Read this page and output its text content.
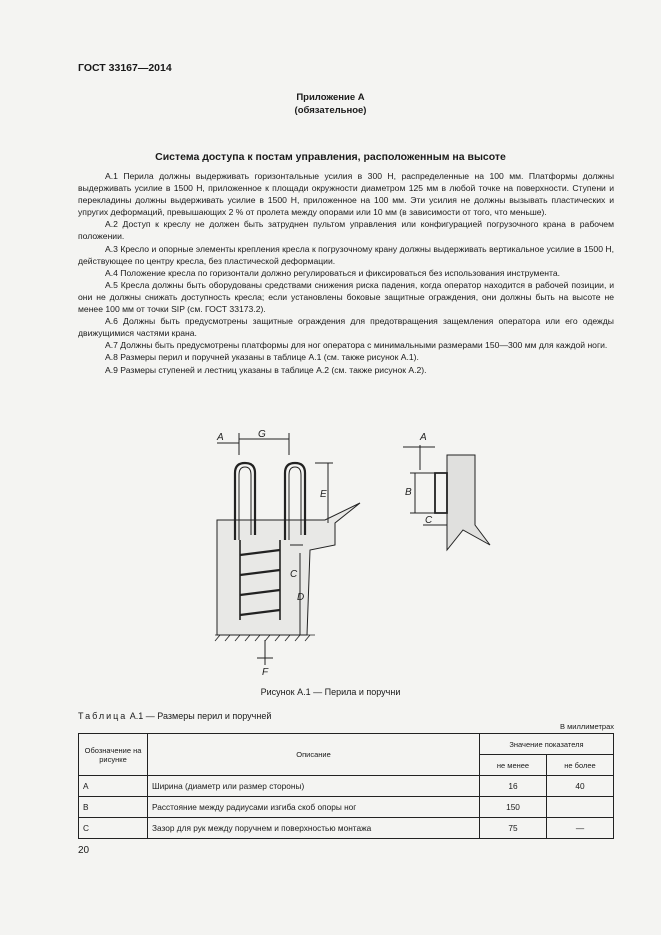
ГОСТ 33167—2014
Приложение А
(обязательное)
Система доступа к постам управления, расположенным на высоте

А.1 Перила должны выдерживать горизонтальные усилия в 300 Н, распределенные на 100 мм. Платформы должны выдерживать усилие в 1500 Н, приложенное к площади окружности диаметром 125 мм в любой точке на поверхности. Ступени и перекладины должны выдерживать усилие в 1500 Н, приложенное на 100 мм. Эти усилия не должны вызывать пластических и упругих деформаций, превышающих 2 % от пролета между опорами или 10 мм (в зависимости от того, что меньше).

А.2 Доступ к креслу не должен быть затруднен пультом управления или конфигурацией погрузочного крана в рабочем положении.

А.3 Кресло и опорные элементы крепления кресла к погрузочному крану должны выдерживать вертикальное усилие в 1500 Н, действующее по центру кресла, без пластической деформации.

А.4 Положение кресла по горизонтали должно регулироваться и фиксироваться без использования инструмента.

А.5 Кресла должны быть оборудованы средствами снижения риска падения, когда оператор находится в рабочей позиции, и они не должны снижать доступность кресла; если установлены боковые защитные ограждения, они должны быть на высоте не менее 100 мм от точки SIP (см. ГОСТ 33173.2).

А.6 Должны быть предусмотрены защитные ограждения для предотвращения защемления оператора или его одежды движущимися частями крана.

А.7 Должны быть предусмотрены платформы для ног оператора с минимальными размерами 150—300 мм для каждой ноги.

А.8 Размеры перил и поручней указаны в таблице А.1 (см. также рисунок А.1).

А.9 Размеры ступеней и лестниц указаны в таблице А.2 (см. также рисунок А.2).

A	G
E
C
D
F
B
A
C
Рисунок А.1 — Перила и поручни
Таблица А.1 — Размеры перил и поручней
В миллиметрах
Обозначение на рисунке	Описание	Значение показателя	
		не менее	не более
A	Ширина (диаметр или размер стороны)	16	40
B	Расстояние между радиусами изгиба скоб опоры ног	150	
C	Зазор для рук между поручнем и поверхностью монтажа	75	—
20
